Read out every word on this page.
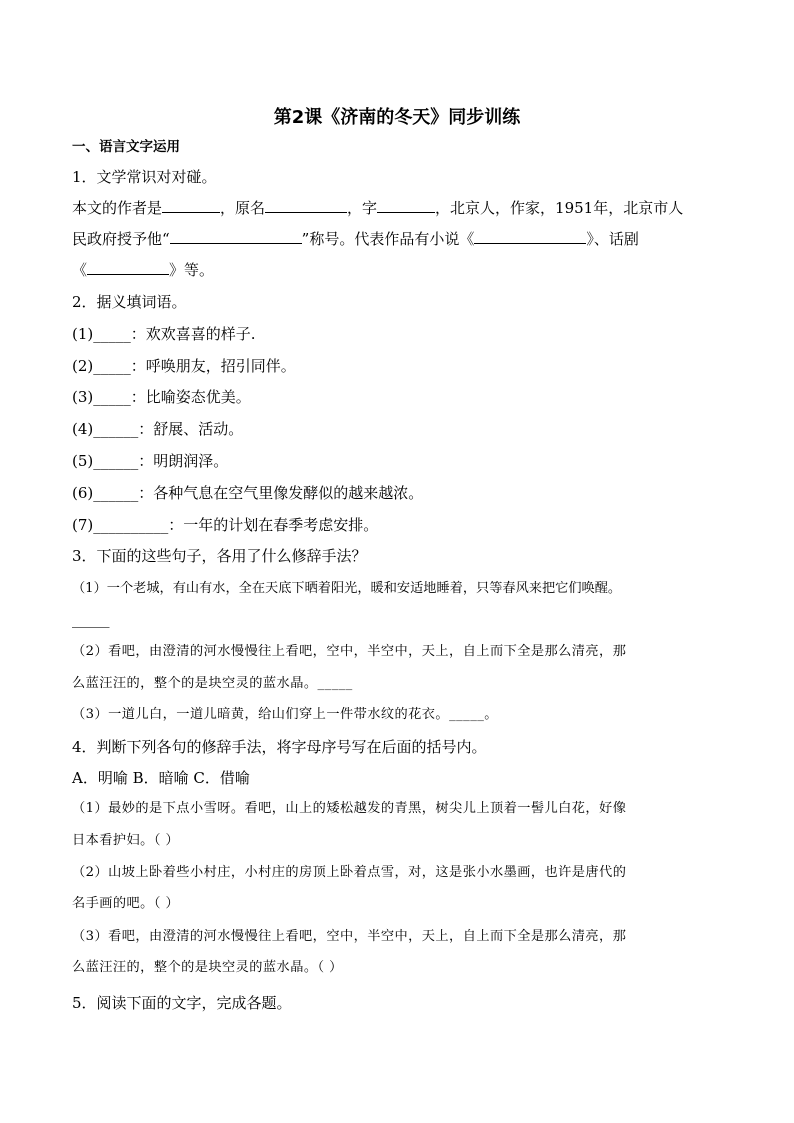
第2课《济南的冬天》同步训练
一、语言文字运用
1．文学常识对对碰。
本文的作者是	，原名	，字	，北京人，作家，1951年，北京市人
民政府授予他“	”称号。代表作品有小说《	》、话剧
《	》等。
2．据义填词语。
(1)_____：欢欢喜喜的样子.
(2)_____：呼唤朋友，招引同伴。
(3)_____：比喻姿态优美。
(4)______：舒展、活动。
(5)______：明朗润泽。
(6)______：各种气息在空气里像发酵似的越来越浓。
(7)__________：一年的计划在春季考虑安排。
3．下面的这些句子，各用了什么修辞手法？
（1）一个老城，有山有水，全在天底下晒着阳光，暖和安适地睡着，只等春风来把它们唤醒。
_____
（2）看吧，由澄清的河水慢慢往上看吧，空中，半空中，天上，自上而下全是那么清亮，那
么蓝汪汪的，整个的是块空灵的蓝水晶。_____
（3）一道儿白，一道儿暗黄，给山们穿上一件带水纹的花衣。_____。
4．判断下列各句的修辞手法，将字母序号写在后面的括号内。
A．明喻 B．暗喻 C．借喻
（1）最妙的是下点小雪呀。看吧，山上的矮松越发的青黑，树尖儿上顶着一髻儿白花，好像
日本看护妇。（ ）
（2）山坡上卧着些小村庄，小村庄的房顶上卧着点雪，对，这是张小水墨画，也许是唐代的
名手画的吧。（ ）
（3）看吧，由澄清的河水慢慢往上看吧，空中，半空中，天上，自上而下全是那么清亮，那
么蓝汪汪的，整个的是块空灵的蓝水晶。（ ）
5．阅读下面的文字，完成各题。
